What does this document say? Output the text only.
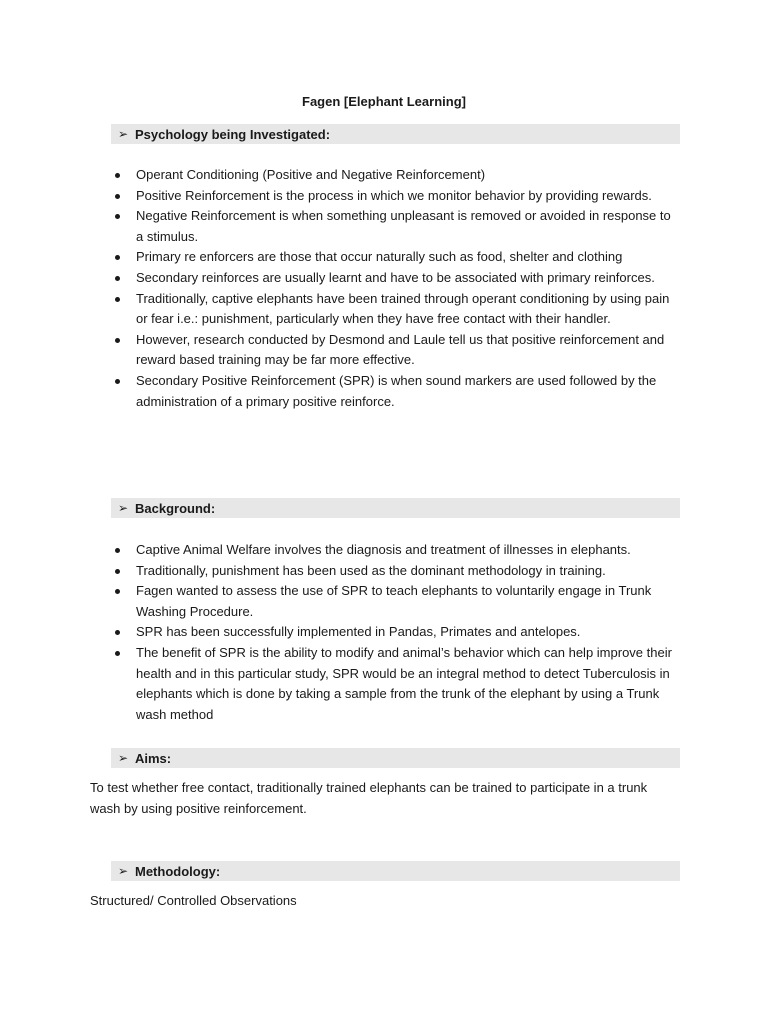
Fagen [Elephant Learning]
➢ Psychology being Investigated:
Operant Conditioning (Positive and Negative Reinforcement)
Positive Reinforcement is the process in which we monitor behavior by providing rewards.
Negative Reinforcement is when something unpleasant is removed or avoided in response to a stimulus.
Primary re enforcers are those that occur naturally such as food, shelter and clothing
Secondary reinforces are usually learnt and have to be associated with primary reinforces.
Traditionally, captive elephants have been trained through operant conditioning by using pain or fear i.e.: punishment, particularly when they have free contact with their handler.
However, research conducted by Desmond and Laule tell us that positive reinforcement and reward based training may be far more effective.
Secondary Positive Reinforcement (SPR) is when sound markers are used followed by the administration of a primary positive reinforce.
➢ Background:
Captive Animal Welfare involves the diagnosis and treatment of illnesses in elephants.
Traditionally, punishment has been used as the dominant methodology in training.
Fagen wanted to assess the use of SPR to teach elephants to voluntarily engage in Trunk Washing Procedure.
SPR has been successfully implemented in Pandas, Primates and antelopes.
The benefit of SPR is the ability to modify and animal’s behavior which can help improve their health and in this particular study, SPR would be an integral method to detect Tuberculosis in elephants which is done by taking a sample from the trunk of the elephant by using a Trunk wash method
➢ Aims:
To test whether free contact, traditionally trained elephants can be trained to participate in a trunk wash by using positive reinforcement.
➢ Methodology:
Structured/ Controlled Observations
